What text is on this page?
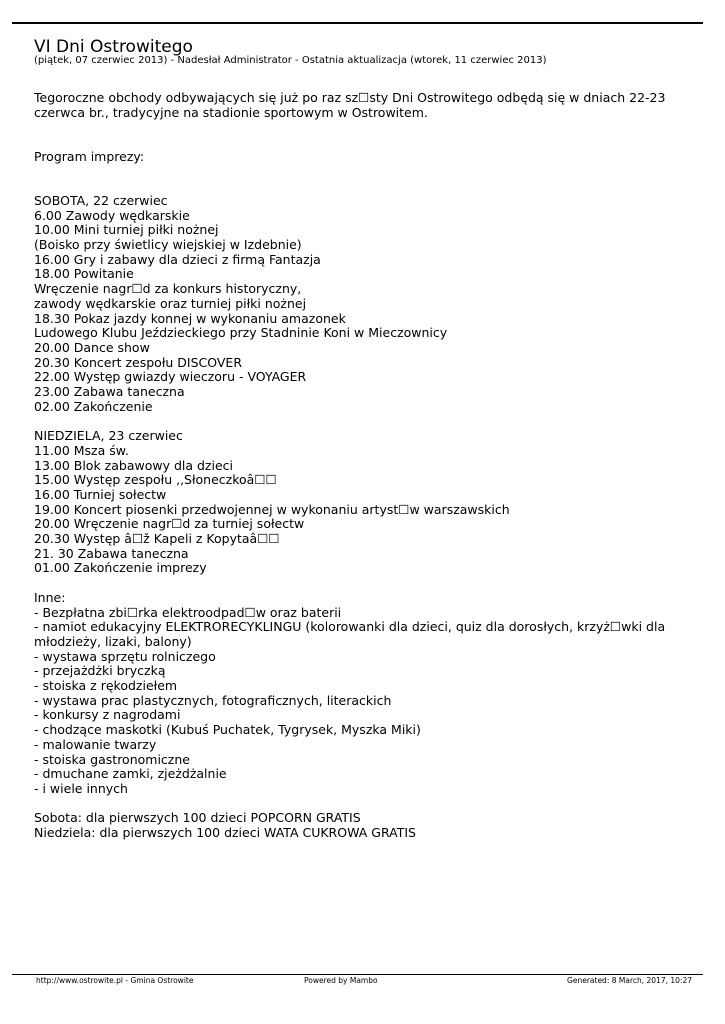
VI Dni Ostrowitego
(piątek, 07 czerwiec 2013) - Nadesłał Administrator - Ostatnia aktualizacja (wtorek, 11 czerwiec 2013)

Tegoroczne obchody odbywających się już po raz sz☐sty Dni Ostrowitego odbędą się w dniach 22-23 czerwca br., tradycyjne na stadionie sportowym w Ostrowitem.

Program imprezy:

SOBOTA, 22 czerwiec

6.00 Zawody wędkarskie
10.00 Mini turniej piłki nożnej
(Boisko przy świetlicy wiejskiej w Izdebnie)
16.00 Gry i zabawy dla dzieci z firmą Fantazja
18.00 Powitanie
Wręczenie nagr☐d za konkurs historyczny,
zawody wędkarskie oraz turniej piłki nożnej
18.30 Pokaz jazdy konnej w wykonaniu amazonek
Ludowego Klubu Jeździeckiego przy Stadninie Koni w Mieczownicy
20.00 Dance show
20.30 Koncert zespołu DISCOVER
22.00 Występ gwiazdy wieczoru - VOYAGER
23.00 Zabawa taneczna
02.00 Zakończenie

NIEDZIELA, 23 czerwiec

11.00 Msza św.
13.00 Blok zabawowy dla dzieci
15.00 Występ zespołu ,,Słoneczkoâ☐☐
16.00 Turniej sołectw
19.00 Koncert piosenki przedwojennej w wykonaniu artyst☐w warszawskich
20.00 Wręczenie nagr☐d za turniej sołectw
20.30 Występ â☐ž Kapeli z Kopytaâ☐☐
21. 30 Zabawa taneczna
01.00 Zakończenie imprezy

Inne:

- Bezpłatna zbi☐rka elektroodpad☐w oraz baterii
- namiot edukacyjny ELEKTRORECYKLINGU (kolorowanki dla dzieci, quiz dla dorosłych, krzyż☐wki dla młodzieży, lizaki, balony)
- wystawa sprzętu rolniczego
- przejażdżki bryczką
- stoiska z rękodziełem
- wystawa prac plastycznych, fotograficznych, literackich
- konkursy z nagrodami
- chodzące maskotki (Kubuś Puchatek, Tygrysek, Myszka Miki)
- malowanie twarzy
- stoiska gastronomiczne
- dmuchane zamki, zjeżdżalnie
- i wiele innych

Sobota: dla pierwszych 100 dzieci POPCORN GRATIS

Niedziela: dla pierwszych 100 dzieci WATA CUKROWA GRATIS

http://www.ostrowite.pl - Gmina Ostrowite	Powered by Mambo	Generated: 8 March, 2017, 10:27
